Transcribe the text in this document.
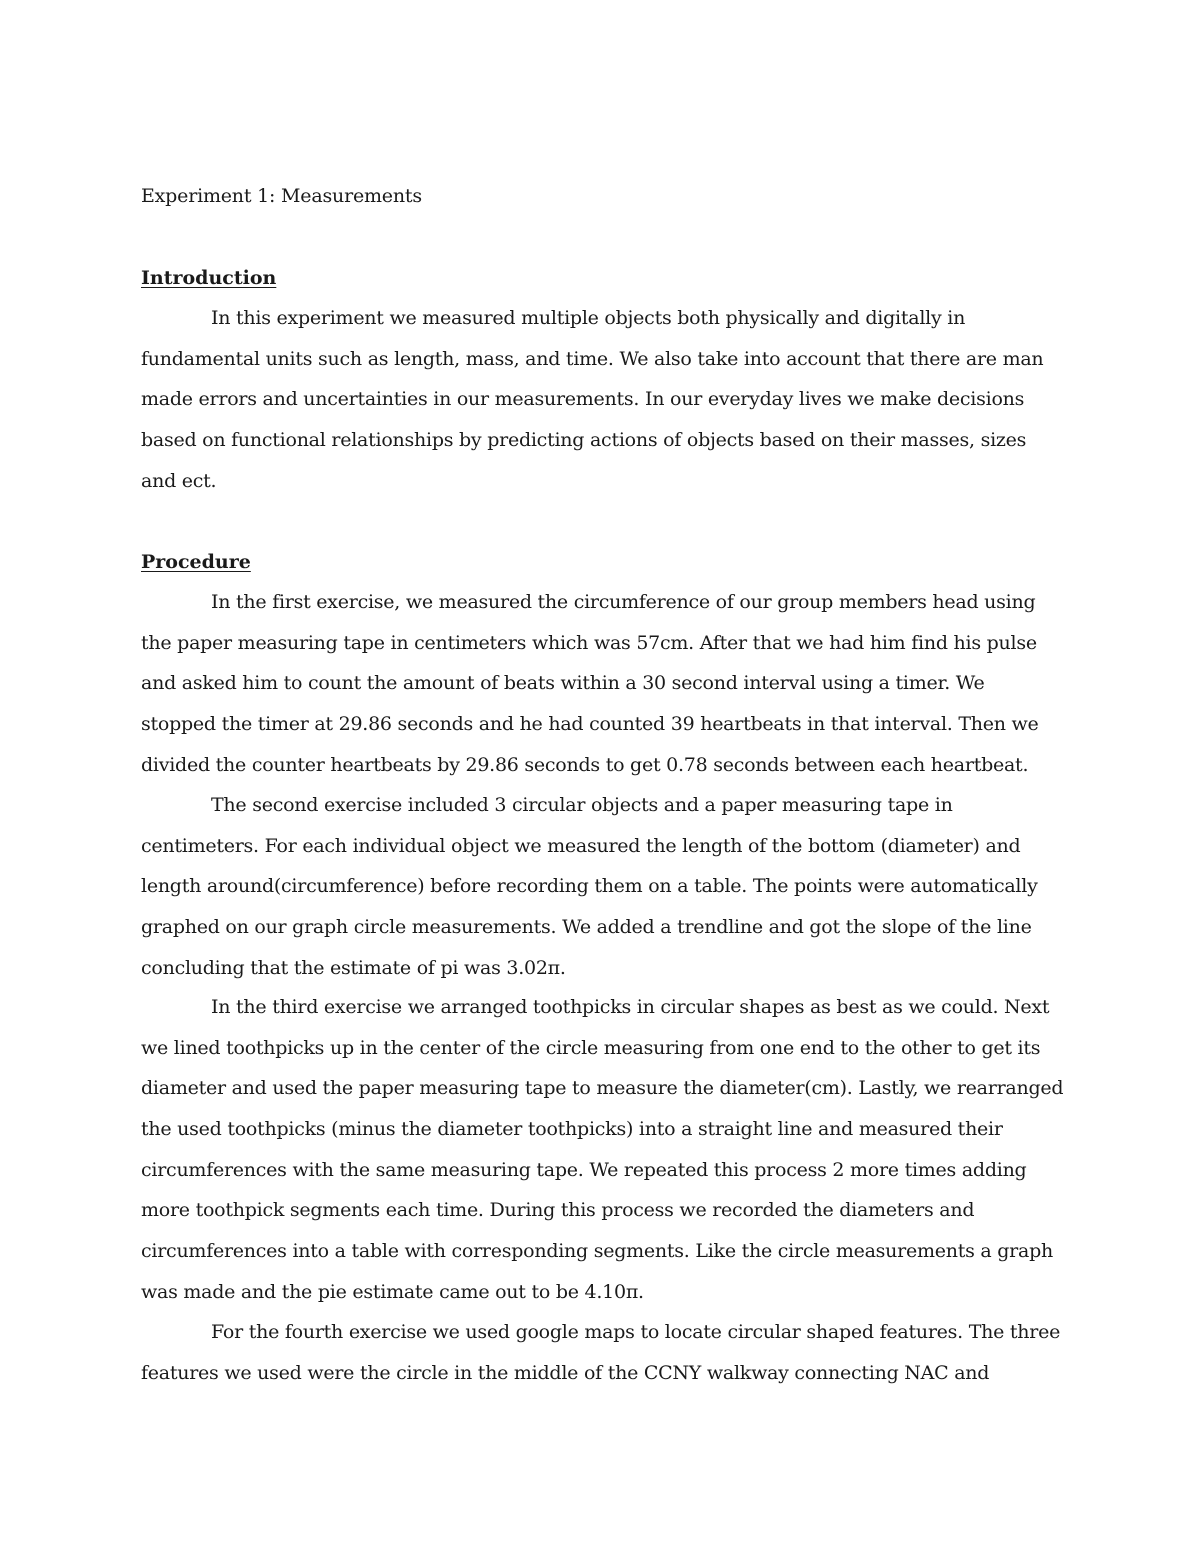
Experiment 1: Measurements
Introduction
In this experiment we measured multiple objects both physically and digitally in
fundamental units such as length, mass, and time. We also take into account that there are man
made errors and uncertainties in our measurements. In our everyday lives we make decisions
based on functional relationships by predicting actions of objects based on their masses, sizes
and ect.
Procedure
In the first exercise, we measured the circumference of our group members head using
the paper measuring tape in centimeters which was 57cm. After that we had him find his pulse
and asked him to count the amount of beats within a 30 second interval using a timer. We
stopped the timer at 29.86 seconds and he had counted 39 heartbeats in that interval. Then we
divided the counter heartbeats by 29.86 seconds to get 0.78 seconds between each heartbeat.
The second exercise included 3 circular objects and a paper measuring tape in
centimeters. For each individual object we measured the length of the bottom (diameter) and
length around(circumference) before recording them on a table. The points were automatically
graphed on our graph circle measurements. We added a trendline and got the slope of the line
concluding that the estimate of pi was 3.02π.
In the third exercise we arranged toothpicks in circular shapes as best as we could. Next
we lined toothpicks up in the center of the circle measuring from one end to the other to get its
diameter and used the paper measuring tape to measure the diameter(cm). Lastly, we rearranged
the used toothpicks (minus the diameter toothpicks) into a straight line and measured their
circumferences with the same measuring tape. We repeated this process 2 more times adding
more toothpick segments each time. During this process we recorded the diameters and
circumferences into a table with corresponding segments. Like the circle measurements a graph
was made and the pie estimate came out to be 4.10π.
For the fourth exercise we used google maps to locate circular shaped features. The three
features we used were the circle in the middle of the CCNY walkway connecting NAC and
